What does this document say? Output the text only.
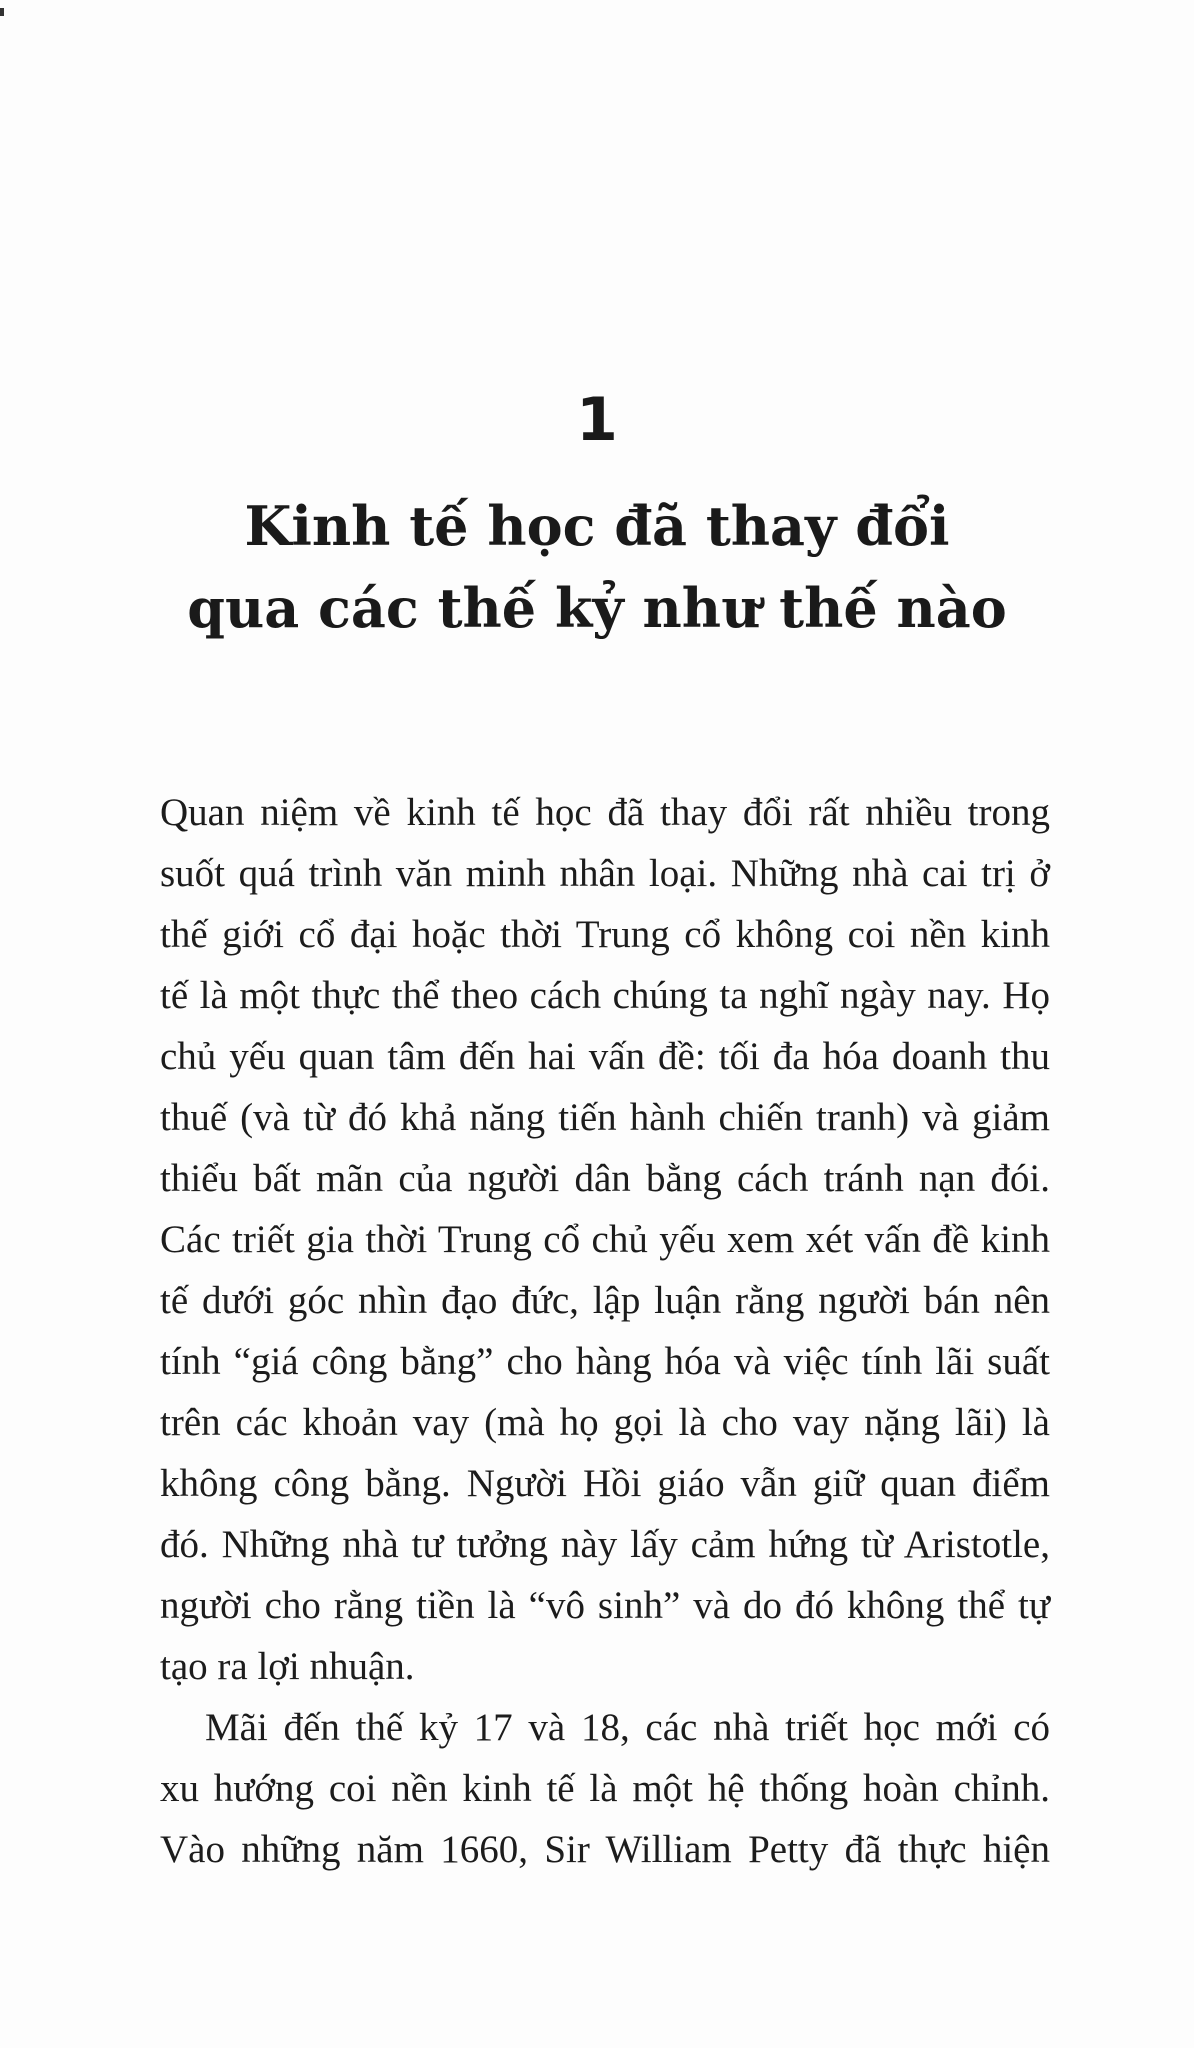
1
Kinh tế học đã thay đổi
qua các thế kỷ như thế nào
Quan niệm về kinh tế học đã thay đổi rất nhiều trong
suốt quá trình văn minh nhân loại. Những nhà cai trị ở
thế giới cổ đại hoặc thời Trung cổ không coi nền kinh
tế là một thực thể theo cách chúng ta nghĩ ngày nay. Họ
chủ yếu quan tâm đến hai vấn đề: tối đa hóa doanh thu
thuế (và từ đó khả năng tiến hành chiến tranh) và giảm
thiểu bất mãn của người dân bằng cách tránh nạn đói.
Các triết gia thời Trung cổ chủ yếu xem xét vấn đề kinh
tế dưới góc nhìn đạo đức, lập luận rằng người bán nên
tính “giá công bằng” cho hàng hóa và việc tính lãi suất
trên các khoản vay (mà họ gọi là cho vay nặng lãi) là
không công bằng. Người Hồi giáo vẫn giữ quan điểm
đó. Những nhà tư tưởng này lấy cảm hứng từ Aristotle,
người cho rằng tiền là “vô sinh” và do đó không thể tự
tạo ra lợi nhuận.
Mãi đến thế kỷ 17 và 18, các nhà triết học mới có
xu hướng coi nền kinh tế là một hệ thống hoàn chỉnh.
Vào những năm 1660, Sir William Petty đã thực hiện
